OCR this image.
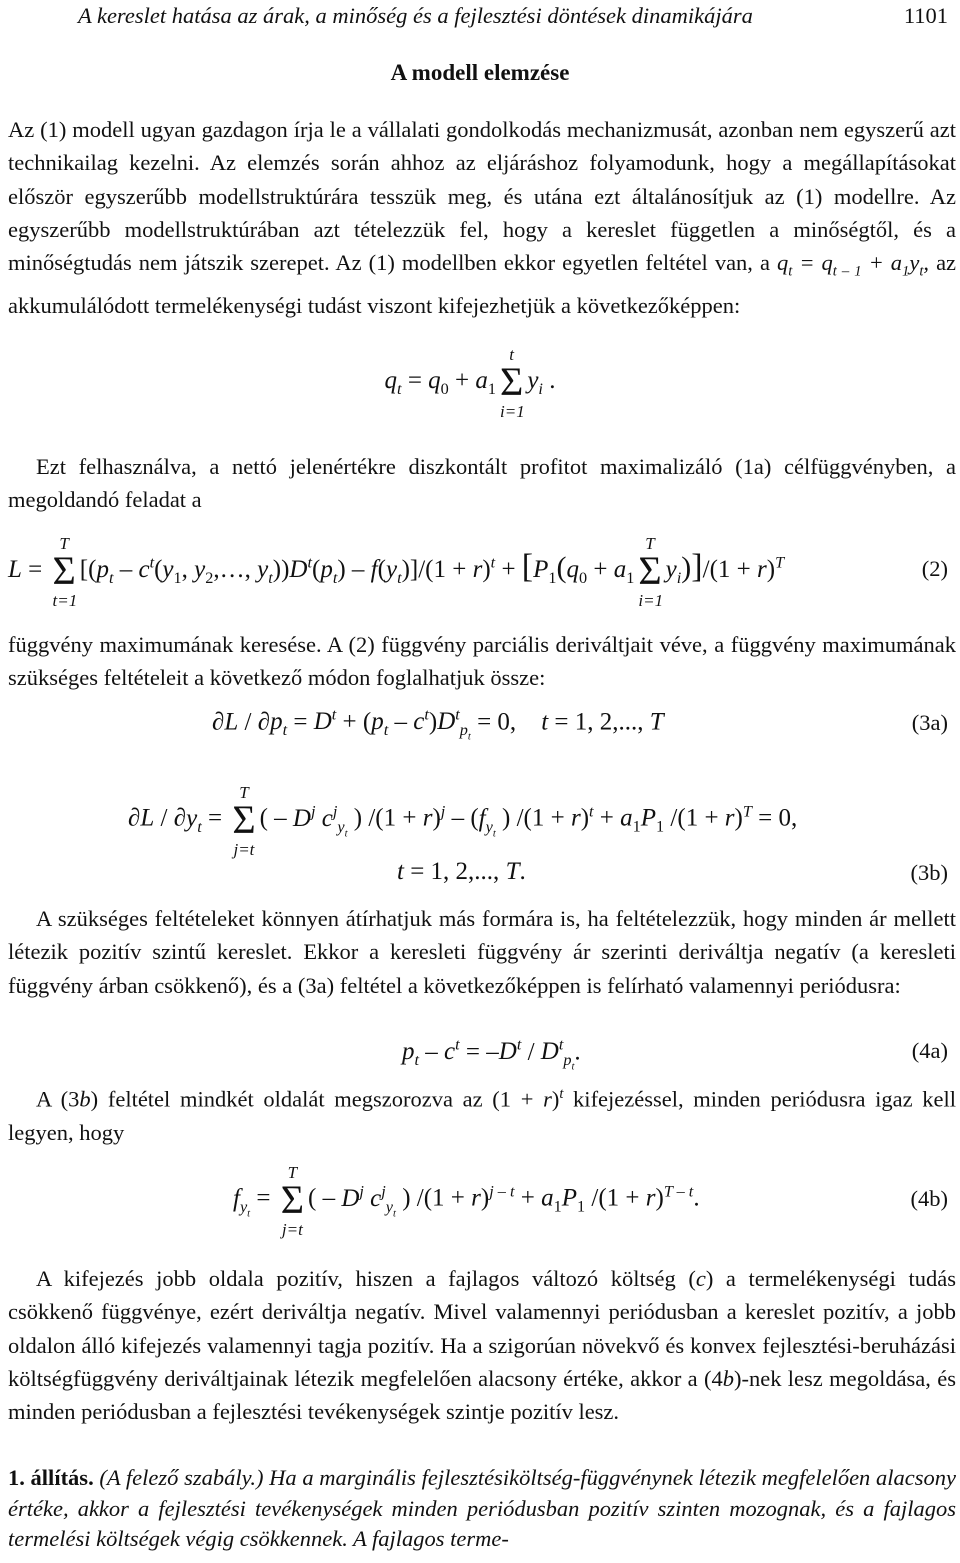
A kereslet hatása az árak, a minőség és a fejlesztési döntések dinamikájára	1101
A modell elemzése

Az (1) modell ugyan gazdagon írja le a vállalati gondolkodás mechanizmusát, azonban nem egyszerű azt technikailag kezelni. Az elemzés során ahhoz az eljáráshoz folyamodunk, hogy a megállapításokat először egyszerűbb modellstruktúrára tesszük meg, és utána ezt általánosítjuk az (1) modellre. Az egyszerűbb modellstruktúrában azt tételezzük fel, hogy a kereslet független a minőségtől, és a minőségtudás nem játszik szerepet. Az (1) modellben ekkor egyetlen feltétel van, a $q_t = q_{t - 1} + a_1y_t$, az akkumulálódott termelékenységi tudást viszont kifejezhetjük a következőképpen:

$q_t = q_0 + a_1$
t
Σ
i=1
$y_i$ .

Ezt felhasználva, a nettó jelenértékre diszkontált profitot maximalizáló (1a) célfüggvényben, a megoldandó feladat a

L =
T
Σ
t=1
[($p_t - c^t(y_1$, $y_2,\dots$, $y_t))D^t(p_t) - f(y_t)]/(1 + r)^t + [P_1(q_0 + a_1$
T
Σ
i=1
$y_i)]/(1 + r)^T$	(2)

függvény maximumának keresése. A (2) függvény parciális deriváltjait véve, a függvény maximumának szükséges feltételeit a következő módon foglalhatjuk össze:

$\partial L / \partial p_t = D^t + (p_t - c^t)D^t_{p_t} = 0$,    t = 1, 2,..., T	(3a)
$\partial L / \partial y_t$ =
T
Σ
j=t
( – $D^j$ $c^j_{y_t}$ ) $/(1 + r)^j - (f_{y_t}$ ) $/(1 + r)^t + a_1P_1$ $/(1 + r)^T = 0$,
t = 1, 2,..., T.	(3b)

A szükséges feltételeket könnyen átírhatjuk más formára is, ha feltételezzük, hogy minden ár mellett létezik pozitív szintű kereslet. Ekkor a keresleti függvény ár szerinti deriváltja negatív (a keresleti függvény árban csökkenő), és a (3a) feltétel a következőképpen is felírható valamennyi periódusra:

$p_t - c^t = -D^t / D^t_{p_t}$.	(4a)

A (3b) feltétel mindkét oldalát megszorozva az $(1 + r)^t$ kifejezéssel, minden periódusra igaz kell legyen, hogy

$f_{y_t}$ =
T
Σ
j=t
( – $D^j$ $c^j_{y_t}$ ) $/(1 + r)^{j - t} + a_1P_1$ $/(1 + r)^{T - t}$.	(4b)

A kifejezés jobb oldala pozitív, hiszen a fajlagos változó költség (c) a termelékenységi tudás csökkenő függvénye, ezért deriváltja negatív. Mivel valamennyi periódusban a kereslet pozitív, a jobb oldalon álló kifejezés valamennyi tagja pozitív. Ha a szigorúan növekvő és konvex fejlesztési-beruházási költségfüggvény deriváltjainak létezik megfelelően alacsony értéke, akkor a (4b)-nek lesz megoldása, és minden periódusban a fejlesztési tevékenységek szintje pozitív lesz.

1. állítás. (A felező szabály.) Ha a marginális fejlesztésiköltség-függvénynek létezik megfelelően alacsony értéke, akkor a fejlesztési tevékenységek minden periódusban pozitív szinten mozognak, és a fajlagos termelési költségek végig csökkennek. A fajlagos terme-
